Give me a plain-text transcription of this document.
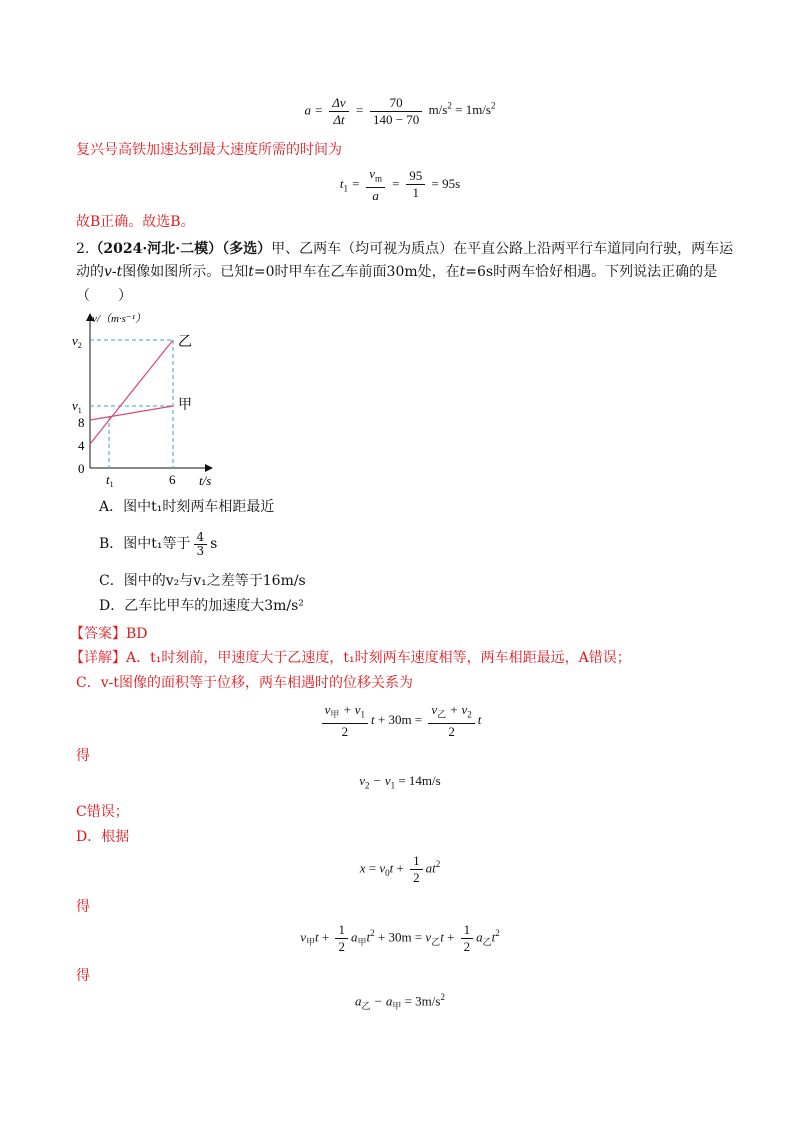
$a = \frac{\Delta v}{\Delta t} = \frac{70}{140 - 70} m/s^2 = 1m/s^2$
复兴号高铁加速达到最大速度所需的时间为
$t_1 = \frac{v_m}{a} = \frac{95}{1} = 95s$
故B正确。故选B。
2.（2024·河北·二模）（多选）甲、乙两车（均可视为质点）在平直公路上沿两平行车道同向行驶，两车运
动的v-t图像如图所示。已知t=0时甲车在乙车前面30m处，在t=6s时两车恰好相遇。下列说法正确的是
（　　）
v/（m·s⁻¹）
$v_2$
$v_1$
8
4
0
$t_1$	6 t/s
乙
甲
A．图中t₁时刻两车相距最近
B．图中t₁等于 $\frac{4}{3}$ s
C．图中的v₂与v₁之差等于16m/s
D．乙车比甲车的加速度大3m/s²
【答案】BD
【详解】A．t₁时刻前，甲速度大于乙速度，t₁时刻两车速度相等，两车相距最远，A错误；
C．v-t图像的面积等于位移，两车相遇时的位移关系为
$\frac{v_甲 + v_1}{2}$ $t + 30m = \frac{v_乙 + v_2}{2}$ t
得
$v_2 - v_1 = 14m/s$
C错误；
D．根据
$x = v_0t + \frac{1}{2} at^2$
得
$v_甲t + \frac{1}{2} a_甲t^2 + 30m = v_乙t + \frac{1}{2} a_乙t^2$
得
$a_乙 - a_甲 = 3m/s^2$
